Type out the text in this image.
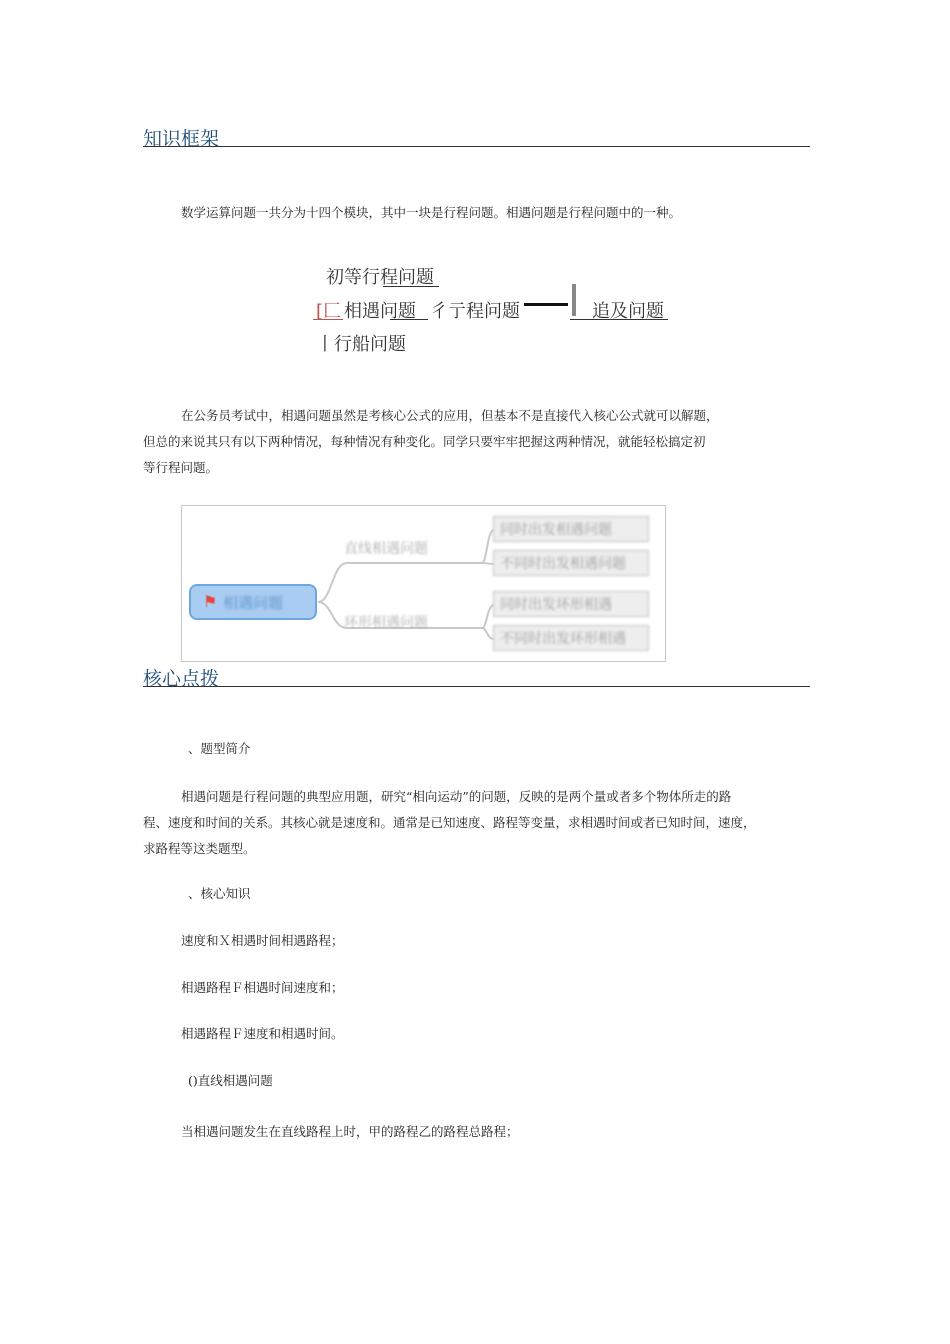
知识框架
数学运算问题一共分为十四个模块，其中一块是行程问题。相遇问题是行程问题中的一种。
初等行程问题
[匚 相遇问题 彳亍程问题	追及问题
丨 行船问题
在公务员考试中，相遇问题虽然是考核心公式的应用，但基本不是直接代入核心公式就可以解题，
但总的来说其只有以下两种情况，每种情况有种变化。同学只要牢牢把握这两种情况，就能轻松搞定初
等行程问题。
⚑ 相遇问题
直线相遇问题
环形相遇问题
同时出发相遇问题
不同时出发相遇问题
同时出发环形相遇
不同时出发环形相遇
核心点拨
、题型简介
相遇问题是行程问题的典型应用题，研究“相向运动”的问题，反映的是两个量或者多个物体所走的路
程、速度和时间的关系。其核心就是速度和。通常是已知速度、路程等变量，求相遇时间或者已知时间，速度，
求路程等这类题型。
、核心知识
速度和Ｘ相遇时间相遇路程；
相遇路程Ｆ相遇时间速度和；
相遇路程Ｆ速度和相遇时间。
()直线相遇问题
当相遇问题发生在直线路程上时，甲的路程乙的路程总路程；
